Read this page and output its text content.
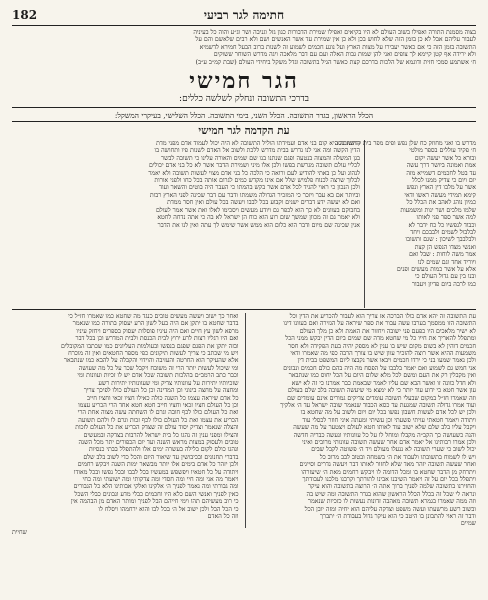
182	חתימה לגר רביעי
בצוה מסמנת התורה ואפילו בשוב העולם לא היו בקיאים ואפילו שמירת הדבורות כגון גזל וגניבה ושר וג״ע והוה כל בעיניה
לעבור עליהם אבל לא כן בזמן הזה שלא לחוש בכן ולא כן אין שמירת עד אשר האנשים ושם ולא רבים שלאשם והם על
התשובה בזמן הזה כי אם כאשר יעבירו על מצות הארץ ועל נוגע חכמים לשמוע זה לשנות ברוב הבעל חמירא לדשמיא
ולא ירידה אף קטן קיימא לך צופים ואני להן שמות גבות האלה ועם עם דבר מלאכה ויגה מדרש השוחר ששוקים
ח׳ אשתמע סמכי חזית ודוגמא של הלכות בדרכם קצת כאשר הגיל בתשובה וגדל משקל ביחידי העולם (שבת קמ״ב ע״ב)
הגר חמישי
בדרכי התשובה ונחלק לשלשה כללים:
הכלל הראשון, בגדר התשובה. הכלל השני, בימי התשובה. הכלל השלישי, בעיקרי המשקל:
עת הקדמה לגר חמישי
מדרש בו ואני מחוזק כח שלן נפש ופים מפר בית קדשת בסב
ח׳ פקיד עוללים בספר מולטי
ובורא כל אשר יעשה יקום
אמת ואמונה ביושר דרך עשה
עד בטל לחכמים דשמייא מזה
יום ויום כי צדיק ממנו לכלל
אשר על מלבו דין הארץ ונפש
קימא תמידי מעשה ראשו ודאי
כמיון נוהג לאהב את הכלל כל
שלמו מלכים ושר ינות ומשמעות
למה אשר ספר פני לאותו
וכבוד לנפשיו כל כח ידבר לא
לבלבול לשמים ולבבכם ויחד
ולבלבבך לשיכון : שגם ותשובו
ואנשי מצדו הנפש הן קצת
אמר משה לוחות : שבל ואם
ויוריד אחד וגם שמים לנו
אלא על אשר כמות מעשים ופנים
ובנו בין עם גדול העולם כי
כמו לרבה ביום פדיון ויעבור
התשובה היא קום בני אדם ועמידתו הוליל התשובה לא היה יכול לעמוד אדם מפני מדת
הדין הקשה ומה אני לנו נדרש בבית מדרש ללכת ולשוב אל האדם לשנות פיו ותחושה בו
בגן המשלה והמצוה בנטעה ופגם שנתנו בנו שם שמים והאורה עלינו כי תשובה לבשר
לכליי עולם תשובה מגרשת בפשו ולכן אלו מיני ושמירת הדבר אשר לא כל בני אדם יכולים
לנהוג ועל כן באתי להודיע לעם ורואה כי הלכה כל בני אדם מצוי לעשות תשובה ולא יאמר
לבלוך שרצה לכנוח פלמיש שלל אם אינו מקדש כמים לגרום אותה בכל כחו ולפני אורות
ולכן הנכון כי ראוי להגיד לכל אדם אשר בקש בהמתו כי העבר היה בוטים והשאר ועוד
וביותר אם בא עבר ויזכר כי המזכיר הגדולה משמתו ודבר עם דבר שכינה לפני הארץ רבות
ואם לא יעשה ידע דברים ישנים וקבוע בכל לבבו ויעשה בכל עולם ואין חסר ממדת
בחבוקם בעוונים לא כך הוא לכפר גם ויודע מעשים ויסכימו לאלו ואת אשר אמר לעולם
ולא יאמר גם זה מכוון שמשך שום רוע הוא כוח הן ישראל לא בה כי אתה נדחה לחטא
אנין שכינה שם מיום ודבר הוא כלום הוא ממש אשר שימש לך עתה ואין לנו את הדבר
עת התשובה זה יהא אדם כולו הברכה אז צריך הוא לעבור להכריע את הדין וכל
התשובה הזו ממסמך בערבו עשה עבור את ספר שיראה על הגזירה ואם בעוונו דינו
לא ישיר מלאכים היו כפעם פני ישובה ויחזור את האמת ולא כן מלך העולם
ומתפלל להאריך את חייו כל מי שחטא מדה שם שמים ביום הדין יבקש ממני הכל
חכמים דוהין לא בשום מקום שיש בו ענין לא מספק יהיה בעת הפקידה ולא חסר
משמעות ההיא אשר רוצה להזכיר עוון שיש בו צורך הרבה כפי מה שאמרו ודאי
ולכן נאמר שמעו בני כי ירדו חכמים ויבאו אשר נקבצו ליום המשפט בבית דין
אני חמש גם לשמוע ואם יאמר בלבבו על הפסח מה היה בהם כולם חכמים ונבונים
ואין מקבלין רק את העם ומשם לכל מלא שלום היום על הכל יחוס כמו שנתבאר
ולא חדל כוונה זו ואשר הבא שם עליו לאמר שבאמת כבר אמרנו כי זה לא ישא
עון אשר חטא כי ידוע עוד יותר כי לא ימצא מי שיעשה תשובה בלב שלם בעולם
וזה שאמרו חז״ל במקום שבעלי תשובה עומדים צדיקים גמורים אינם עומדים שם
ועוד אמרו גדולה תשובה שמגעת עד כסא הכבוד שנאמר שובה ישראל עד ה׳ אלקיך
ולכן יש לכל אדם לעשות חשבון נפשו בכל יום ויום ולשוב על מה שחטא בו
ויתודה ויאמר חטאתי עויתי פשעתי וכן עשיתי ומעתה איני חוזר לכסלי עוד
ויקבל עליו בלב שלם שלא ישוב עוד לאותו חטא לעולם ויצטער על מה שעשה
והנה כשעושה כך הקב״ה מקבלו ומוחל לו על כל עוונותיו ונעשה כבריה חדשה
ולכן אמרו רבותינו אל יאמר אדם אחר שעשה תשובה עוונותי מרובים ואיני
יכול לשוב כי שערי תשובה לא ננעלו מעולם ויד ה׳ פשוטה לקבל שבים
ויש לו לשמוח בתשובתו ולעבוד את ה׳ בשמחה ובטוב לבב מרוב כל
ואחר שעשה תשובה יזהר מאד שלא לחזור לאותו דבר ויעשה גדרים וסייגים
ויתרחק מן הדבר שחטא בו ומכל הדומה לו ויבקש רחמים מאת ה׳ שיעזרהו
ויתפלל בכל יום על זה ויאמר השיבנו אבינו לתורתך וקרבנו מלכנו לעבודתך
והחזירנו בתשובה שלמה לפניך ברוך אתה ה׳ הרוצה בתשובה והוא עיקר
ונראה לי שכל זה בכלל הכלל הראשון שהוא בגדר התשובה ומה שיש בה
וזה ממה שאמרו בגמרא תשובה מאהבה זדונות נעשות לו כזכיות שנאמר
ובשוב רשע מרשעתו ועשה משפט וצדקה עליהם הוא יחיה ומזה יובן הכל
ודבר זה ראוי להתבונן בו היטב כי הוא עיקר גדול בעבודת ה׳ יתברך
שמיים
ואחר כך ישוב ויעשה מעשים טובים כנגד מה שחטא כמו שאמרו חז״ל כי
בדבר שחטא בו יתקן אם היה בעל לשון הרע יעסוק בתורה כמו שנאמר
מרפא לשון עץ חיים ואם היה עיניו פוסלות יעסוק בספרים ויחזק עיניו
ואם היו רגליו רצות לרע ירוץ לבית הכנסת ולבית המדרש וכן בכל דבר
ובזה יתקן את הפגם שפגם בנפשו ובעולמות העליונים כמו שכתבו המקובלים
ויש מי שכתב כי צריך לעשות תיקונים כפי מספר החטאים ואין זה מוכרח
אלא שהעיקר הוא החרטה והעזיבה והוידוי והקבלה על להבא כמו שנתבאר
ומי שיכול לעשות יותר הרי זה משובח ויקבל שכר על כל מה שעושה
וכבר כתב הרמב״ם בהלכות תשובה שכל אדם יש לו זכיות ועוונות ומי
שזכיותיו יתירות על עוונותיו צדיק ומי שעוונותיו יתירות רשע
ומחצה על מחצה בינוני וכן המדינה וכן כל העולם כולו לפיכך צריך
כל אדם שיראה עצמו כל השנה כולה כאילו חציו זכאי וחציו חייב
וכן כל העולם חציו זכאי וחציו חייב חטא חטא אחד הרי הכריע עצמו
ואת כל העולם כולו לכף חובה וגרם לו השחתה עשה מצוה אחת הרי
הכריע את עצמו ואת כל העולם כולו לכף זכות וגרם לו ולהם תשועה
והצלה שנאמר וצדיק יסוד עולם זה שצדק הכריע את כל העולם לזכות
והצילו ומפני ענין זה נהגו כל בית ישראל להרבות בצדקה ובמעשים
טובים ולעסוק במצות מראש השנה ועד יום הכפורים יתר מכל השנה
ונהגו כולם לקום בלילה בעשרה ימים אלו ולהתפלל בבתי כנסיות
בדברי תחנונים ובכיבושין עד שיאור היום והכל כדי לשוב בלב שלם
ולכן יזהר כל אדם בימים אלו יותר מבשאר ימות השנה ויבקש רחמים
ויתודה על כל חטאיו ויפשפש במעשיו בכל לבבו ובכל נפשו ובכל מאודו
ויאמר מה אני ומה חיי ומה חסדי ומה צדקותי ומה ישועתי ומה כחי
ומה גבורתי ומה נאמר לפניך ה׳ אלקינו ואלקי אבותינו הלא כל הגבורים
כאין לפניך ואנשי השם כלא היו וחכמים כבלי מדע ונבונים כבלי השכל
כי רוב מעשיהם תהו וימי חייהם הבל לפניך ומותר האדם מן הבהמה אין
כי הכל הבל ולכן ישוב אל ה׳ בכל לבו והוא ירחמהו ויסלח לו
וזה כל האדם
שחיית
